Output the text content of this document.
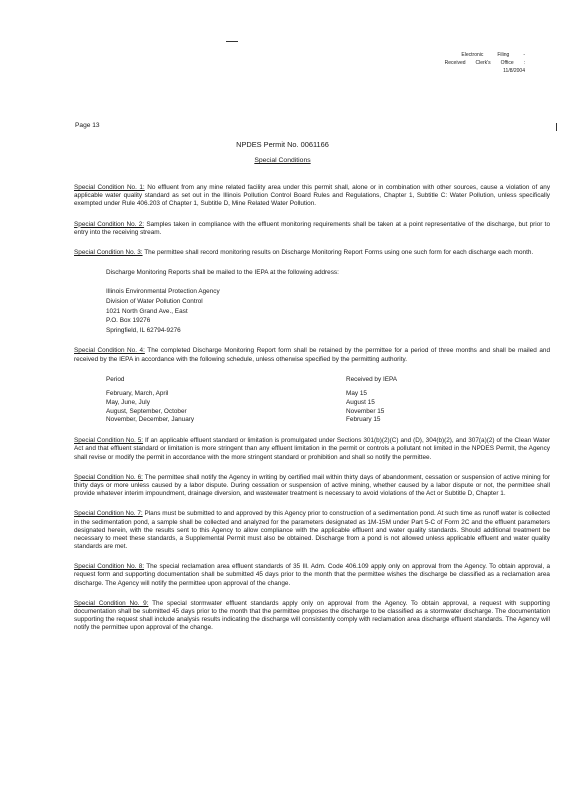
Electronic	Filing	-
Received Clerk's Office :
11/8/2004
Page 13
NPDES Permit No. 0061166
Special Conditions

Special Condition No. 1: No effluent from any mine related facility area under this permit shall, alone or in combination with other sources, cause a violation of any applicable water quality standard as set out in the Illinois Pollution Control Board Rules and Regulations, Chapter 1, Subtitle C: Water Pollution, unless specifically exempted under Rule 406.203 of Chapter 1, Subtitle D, Mine Related Water Pollution.

Special Condition No. 2: Samples taken in compliance with the effluent monitoring requirements shall be taken at a point representative of the discharge, but prior to entry into the receiving stream.

Special Condition No. 3: The permittee shall record monitoring results on Discharge Monitoring Report Forms using one such form for each discharge each month.

Discharge Monitoring Reports shall be mailed to the IEPA at the following address:

Illinois Environmental Protection Agency
Division of Water Pollution Control
1021 North Grand Ave., East
P.O. Box 19276
Springfield, IL 62794-9276

Special Condition No. 4: The completed Discharge Monitoring Report form shall be retained by the permittee for a period of three months and shall be mailed and received by the IEPA in accordance with the following schedule, unless otherwise specified by the permitting authority.

Period	Received by IEPA
February, March, April	May 15
May, June, July	August 15
August, September, October	November 15
November, December, January	February 15

Special Condition No. 5: If an applicable effluent standard or limitation is promulgated under Sections 301(b)(2)(C) and (D), 304(b)(2), and 307(a)(2) of the Clean Water Act and that effluent standard or limitation is more stringent than any effluent limitation in the permit or controls a pollutant not limited in the NPDES Permit, the Agency shall revise or modify the permit in accordance with the more stringent standard or prohibition and shall so notify the permittee.

Special Condition No. 6: The permittee shall notify the Agency in writing by certified mail within thirty days of abandonment, cessation or suspension of active mining for thirty days or more unless caused by a labor dispute. During cessation or suspension of active mining, whether caused by a labor dispute or not, the permittee shall provide whatever interim impoundment, drainage diversion, and wastewater treatment is necessary to avoid violations of the Act or Subtitle D, Chapter 1.

Special Condition No. 7: Plans must be submitted to and approved by this Agency prior to construction of a sedimentation pond. At such time as runoff water is collected in the sedimentation pond, a sample shall be collected and analyzed for the parameters designated as 1M-15M under Part 5-C of Form 2C and the effluent parameters designated herein, with the results sent to this Agency to allow compliance with the applicable effluent and water quality standards. Should additional treatment be necessary to meet these standards, a Supplemental Permit must also be obtained. Discharge from a pond is not allowed unless applicable effluent and water quality standards are met.

Special Condition No. 8: The special reclamation area effluent standards of 35 Ill. Adm. Code 406.109 apply only on approval from the Agency. To obtain approval, a request form and supporting documentation shall be submitted 45 days prior to the month that the permittee wishes the discharge be classified as a reclamation area discharge. The Agency will notify the permittee upon approval of the change.

Special Condition No. 9: The special stormwater effluent standards apply only on approval from the Agency. To obtain approval, a request with supporting documentation shall be submitted 45 days prior to the month that the permittee proposes the discharge to be classified as a stormwater discharge. The documentation supporting the request shall include analysis results indicating the discharge will consistently comply with reclamation area discharge effluent standards. The Agency will notify the permittee upon approval of the change.
